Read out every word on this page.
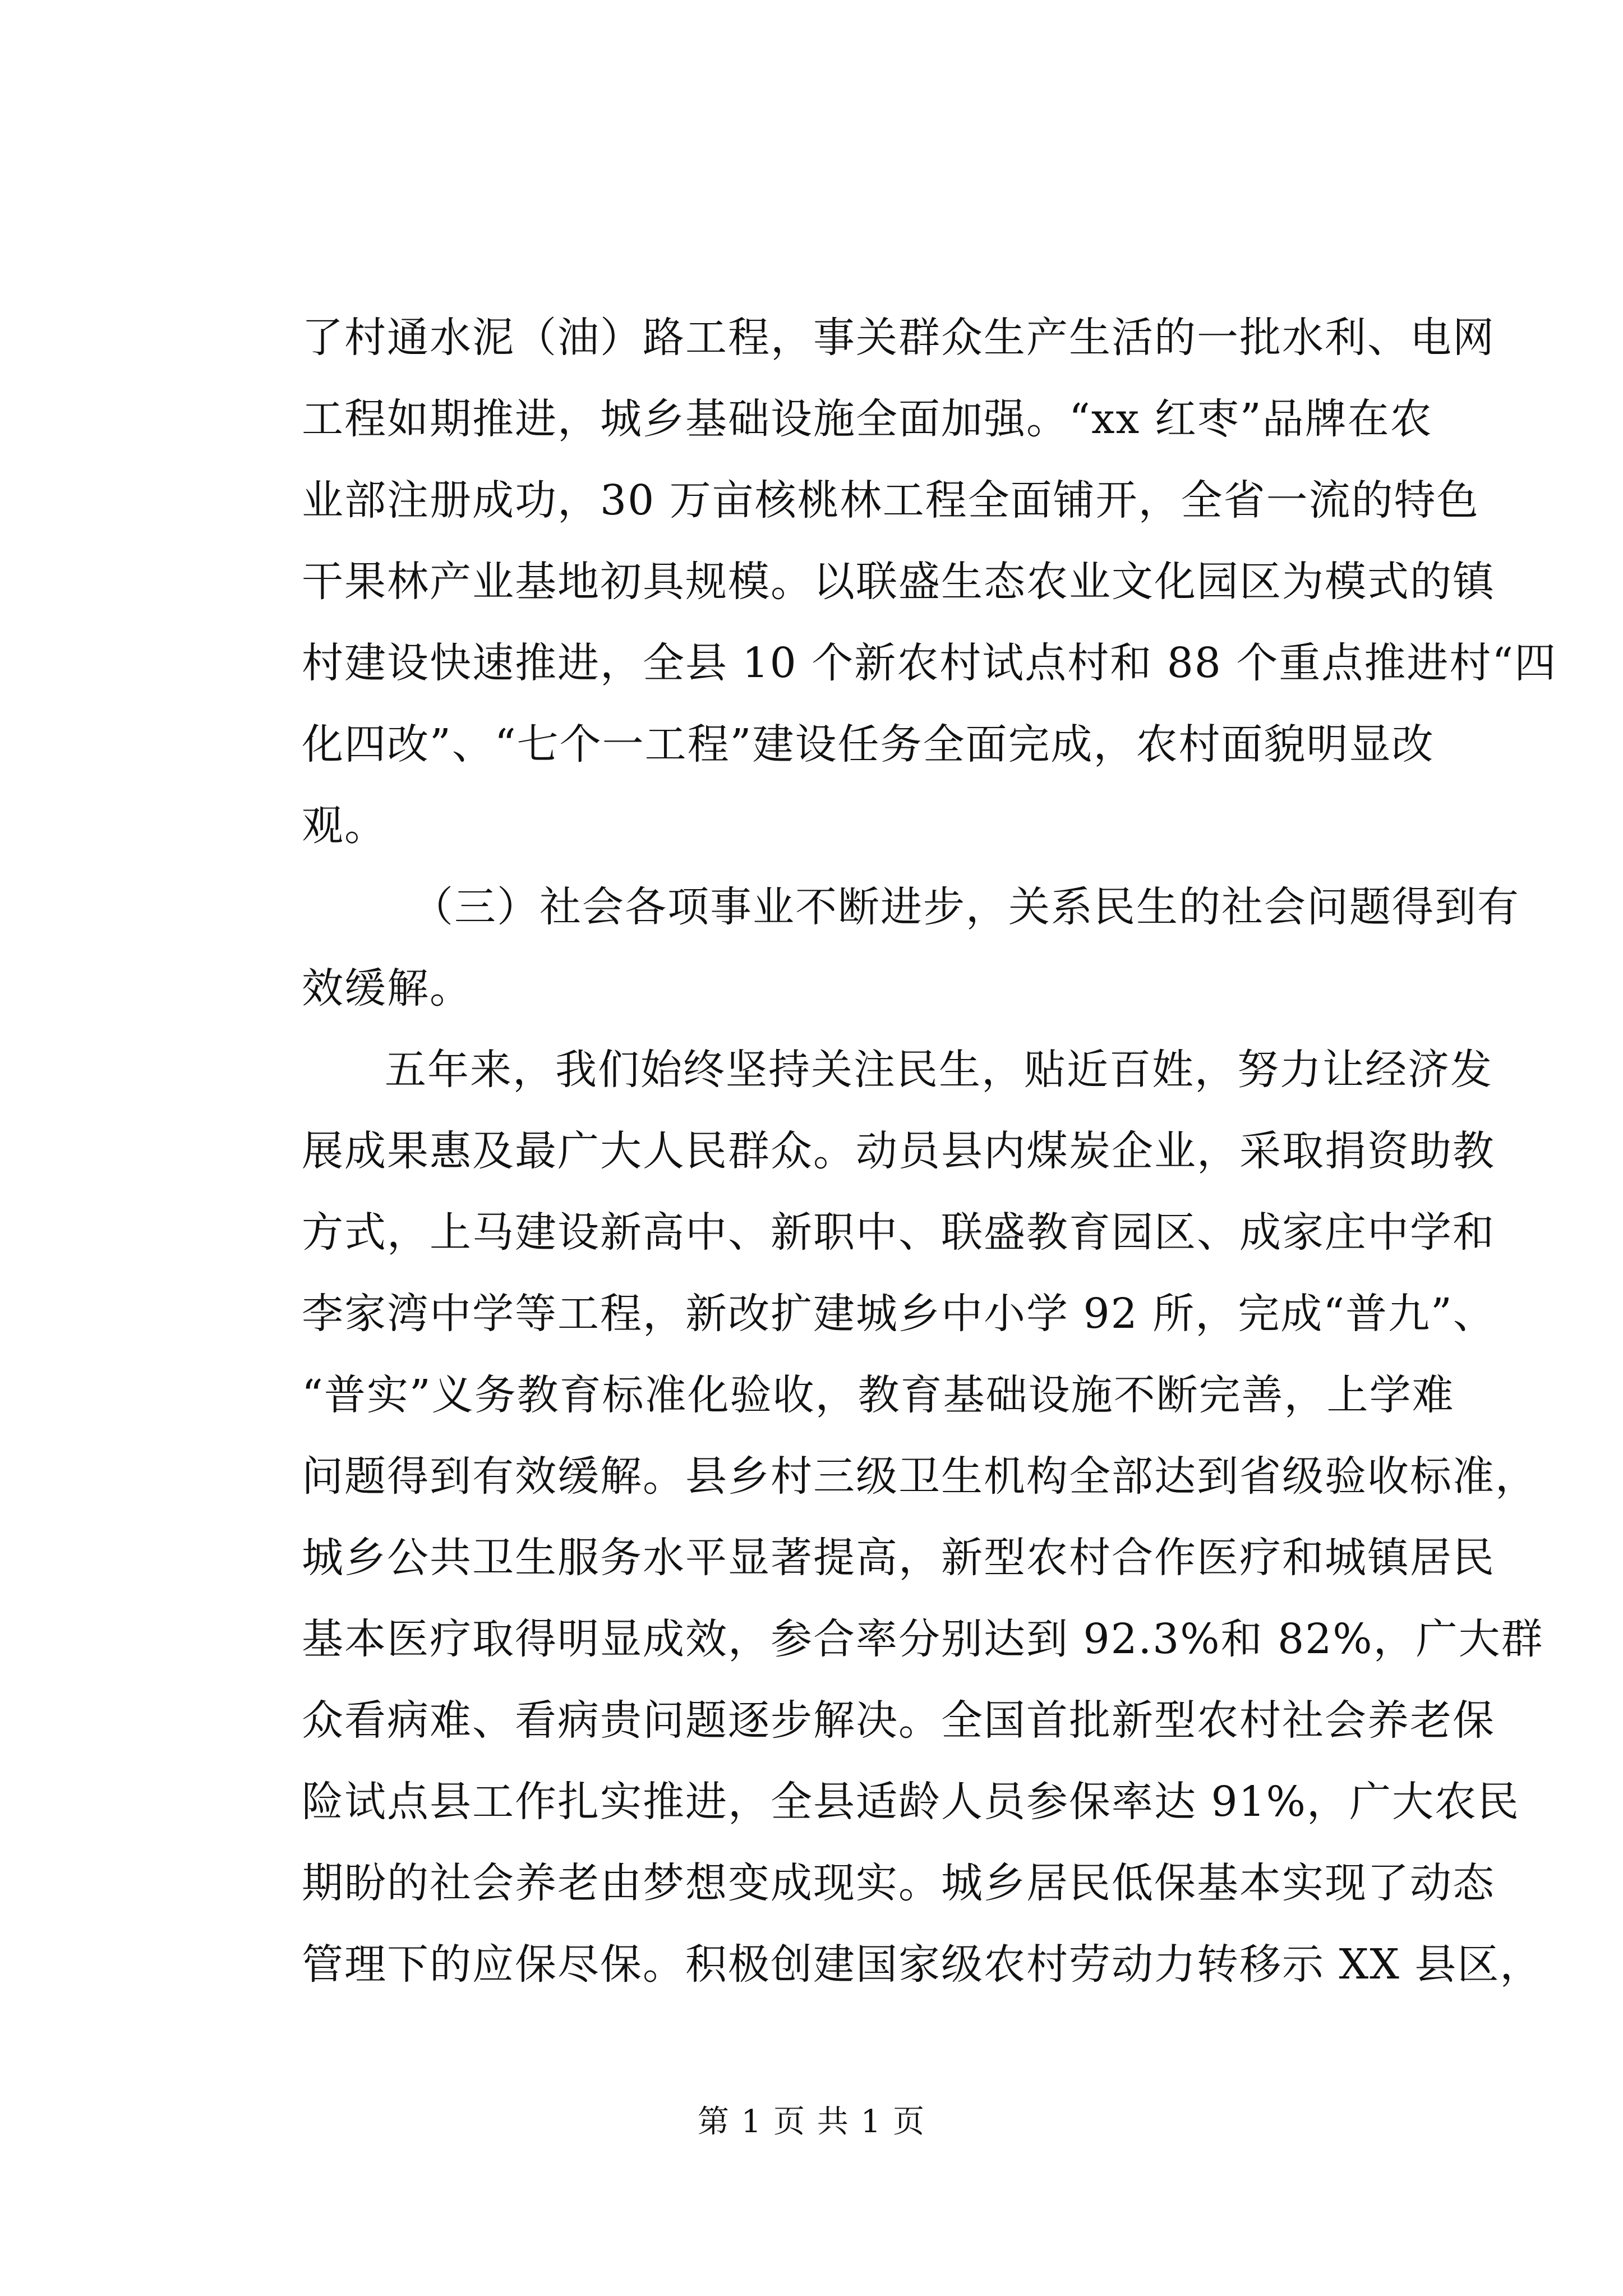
了村通水泥（油）路工程，事关群众生产生活的一批水利、电网
工程如期推进，城乡基础设施全面加强。“xx 红枣”品牌在农
业部注册成功，30 万亩核桃林工程全面铺开，全省一流的特色
干果林产业基地初具规模。以联盛生态农业文化园区为模式的镇
村建设快速推进，全县 10 个新农村试点村和 88 个重点推进村“四
化四改”、“七个一工程”建设任务全面完成，农村面貌明显改
观。
（三）社会各项事业不断进步，关系民生的社会问题得到有
效缓解。
五年来，我们始终坚持关注民生，贴近百姓，努力让经济发
展成果惠及最广大人民群众。动员县内煤炭企业，采取捐资助教
方式，上马建设新高中、新职中、联盛教育园区、成家庄中学和
李家湾中学等工程，新改扩建城乡中小学 92 所，完成“普九”、
“普实”义务教育标准化验收，教育基础设施不断完善，上学难
问题得到有效缓解。县乡村三级卫生机构全部达到省级验收标准，
城乡公共卫生服务水平显著提高，新型农村合作医疗和城镇居民
基本医疗取得明显成效，参合率分别达到 92.3%和 82%，广大群
众看病难、看病贵问题逐步解决。全国首批新型农村社会养老保
险试点县工作扎实推进，全县适龄人员参保率达 91%，广大农民
期盼的社会养老由梦想变成现实。城乡居民低保基本实现了动态
管理下的应保尽保。积极创建国家级农村劳动力转移示 XX 县区，
第 1 页 共 1 页
